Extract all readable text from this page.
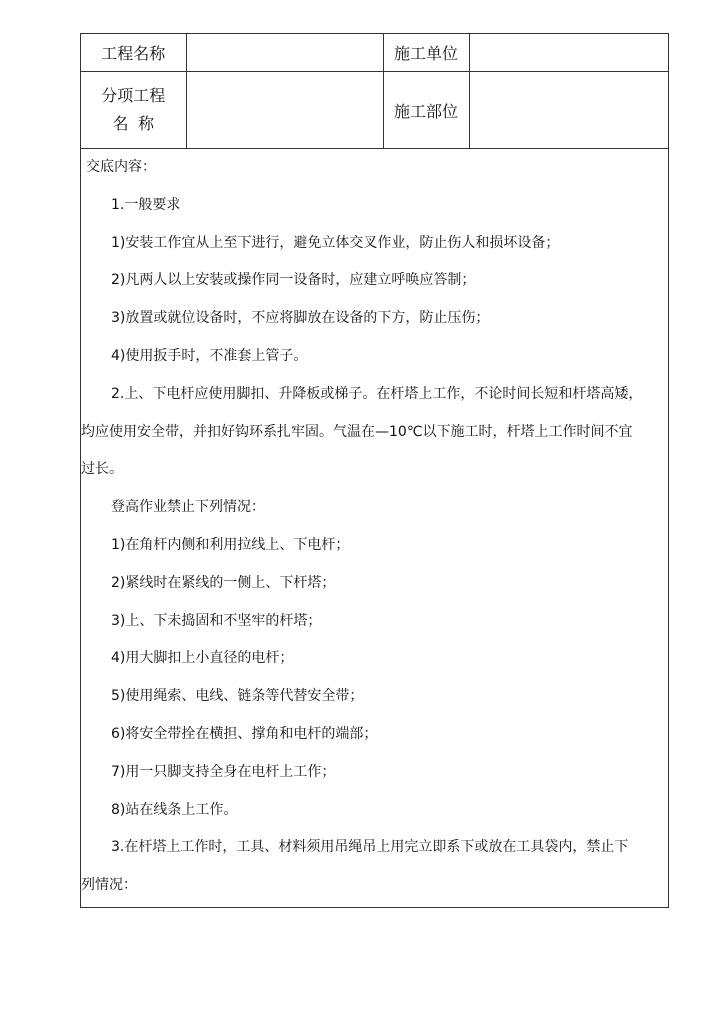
工程名称		施工单位	

分项工程
名称		施工部位	

交底内容：

1.一般要求

1)安装工作宜从上至下进行，避免立体交叉作业，防止伤人和损坏设备；

2)凡两人以上安装或操作同一设备时，应建立呼唤应答制；

3)放置或就位设备时，不应将脚放在设备的下方，防止压伤；

4)使用扳手时，不准套上管子。

2.上、下电杆应使用脚扣、升降板或梯子。在杆塔上工作，不论时间长短和杆塔高矮，

均应使用安全带，并扣好钩环系扎牢固。气温在—10℃以下施工时，杆塔上工作时间不宜

过长。

登高作业禁止下列情况：

1)在角杆内侧和利用拉线上、下电杆；

2)紧线时在紧线的一侧上、下杆塔；

3)上、下未捣固和不坚牢的杆塔；

4)用大脚扣上小直径的电杆；

5)使用绳索、电线、链条等代替安全带；

6)将安全带拴在横担、撑角和电杆的端部；

7)用一只脚支持全身在电杆上工作；

8)站在线条上工作。

3.在杆塔上工作时，工具、材料须用吊绳吊上用完立即系下或放在工具袋内，禁止下

列情况：
